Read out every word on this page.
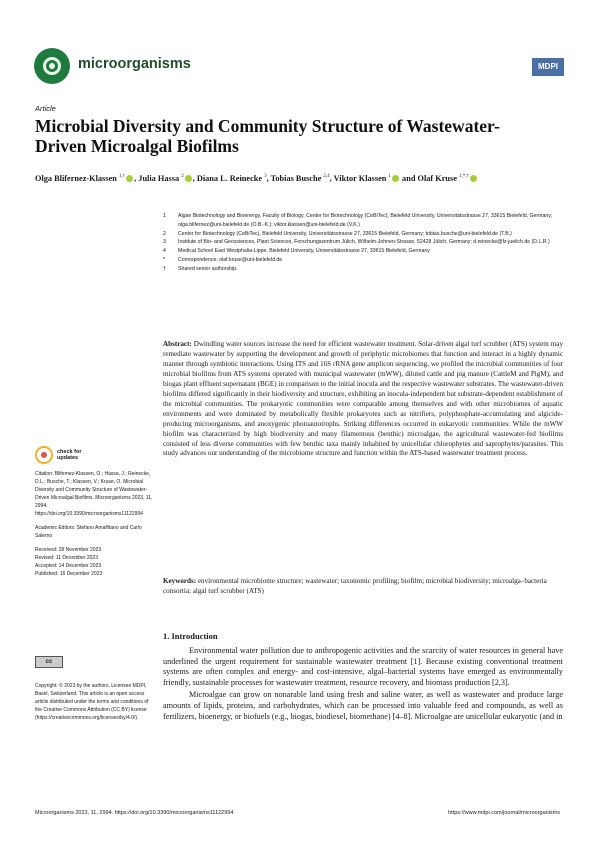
microorganisms	MDPI
Article
Microbial Diversity and Community Structure of Wastewater-Driven Microalgal Biofilms
Olga Blifernez-Klassen $^{1,\dagger}$ , Julia Hassa $^2$ , Diana L. Reinecke $^3$, Tobias Busche $^{2,4}$, Viktor Klassen $^1$ and Olaf Kruse $^{1,*,\dagger}$
1	Algae Biotechnology and Bioenergy, Faculty of Biology, Center for Biotechnology (CeBiTec), Bielefeld University, Universitätsstrasse 27, 33615 Bielefeld, Germany; olga.blifernez@uni-bielefeld.de (O.B.-K.); viktor.klassen@uni-bielefeld.de (V.K.)
2	Center for Biotechnology (CeBiTec), Bielefeld University, Universitätsstrasse 27, 33615 Bielefeld, Germany; tobias.busche@uni-bielefeld.de (T.B.)
3	Institute of Bio- and Geosciences, Plant Sciences, Forschungszentrum Jülich, Wilhelm-Johnen-Strasse, 52428 Jülich, Germany; d.reinecke@fz-juelich.de (D.L.R.)
4	Medical School East Westphalia-Lippe, Bielefeld University, Universitätsstrasse 27, 33615 Bielefeld, Germany
*	Correspondence: olaf.kruse@uni-bielefeld.de
†	Shared senior authorship.
Abstract: Dwindling water sources increase the need for efficient wastewater treatment. Solar-driven algal turf scrubber (ATS) system may remediate wastewater by supporting the development and growth of periphytic microbiomes that function and interact in a highly dynamic manner through symbiotic interactions. Using ITS and 16S rRNA gene amplicon sequencing, we profiled the microbial communities of four microbial biofilms from ATS systems operated with municipal wastewater (mWW), diluted cattle and pig manure (CattleM and PigM), and biogas plant effluent supernatant (BGE) in comparison to the initial inocula and the respective wastewater substrates. The wastewater-driven biofilms differed significantly in their biodiversity and structure, exhibiting an inocula-independent but substrate-dependent establishment of the microbial communities. The prokaryotic communities were comparable among themselves and with other microbiomes of aquatic environments and were dominated by metabolically flexible prokaryotes such as nitrifiers, polyphosphate-accumulating and algicide-producing microorganisms, and anoxygenic photoautotrophs. Striking differences occurred in eukaryotic communities: While the mWW biofilm was characterized by high biodiversity and many filamentous (benthic) microalgae, the agricultural wastewater-fed biofilms consisted of less diverse communities with few benthic taxa mainly inhabited by unicellular chlorophytes and saprophytes/parasites. This study advances our understanding of the microbiome structure and function within the ATS-based wastewater treatment process.
Keywords: environmental microbiome structure; wastewater; taxonomic profiling; biofilm; microbial biodiversity; microalga–bacteria consortia; algal turf scrubber (ATS)
check for
updates
Citation: Blifernez-Klassen, O.; Hassa, J.; Reinecke, D.L.; Busche, T.; Klassen, V.; Kruse, O. Microbial Diversity and Community Structure of Wastewater-Driven Microalgal Biofilms. Microorganisms 2023, 11, 2994. https://doi.org/10.3390/microorganisms11122994
Academic Editors: Stefano Amalfitano and Carlo Salerno
Received: 28 November 2023
Revised: 11 December 2023
Accepted: 14 December 2023
Published: 16 December 2023
cc
Copyright: © 2023 by the authors. Licensee MDPI, Basel, Switzerland. This article is an open access article distributed under the terms and conditions of the Creative Commons Attribution (CC BY) license (https://creativecommons.org/licenses/by/4.0/).
1. Introduction

Environmental water pollution due to anthropogenic activities and the scarcity of water resources in general have underlined the urgent requirement for sustainable wastewater treatment [1]. Because existing conventional treatment systems are often complex and energy- and cost-intensive, algal–bacterial systems have emerged as environmentally friendly, sustainable processes for wastewater treatment, resource recovery, and biomass production [2,3].

Microalgae can grow on nonarable land using fresh and saline water, as well as wastewater and produce large amounts of lipids, proteins, and carbohydrates, which can be processed into valuable feed and compounds, as well as fertilizers, bioenergy, or biofuels (e.g., biogas, biodiesel, biomethane) [4–8]. Microalgae are unicellular eukaryotic (and in

Microorganisms 2023, 11, 2994. https://doi.org/10.3390/microorganisms11122994	https://www.mdpi.com/journal/microorganisms
